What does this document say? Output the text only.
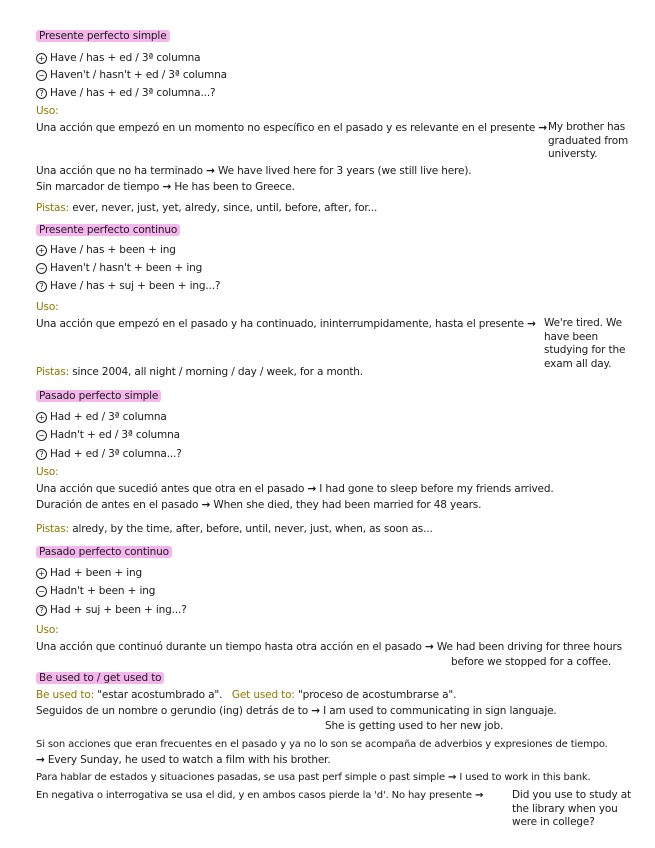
Presente perfecto simple
+ Have / has + ed / 3ª columna
− Haven't / hasn't + ed / 3ª columna
? Have / has + ed / 3ª columna...?
Uso:
Una acción que empezó en un momento no específico en el pasado y es relevante en el presente → My brother has graduated from universty.
Una acción que no ha terminado → We have lived here for 3 years (we still live here).
Sin marcador de tiempo → He has been to Greece.
Pistas: ever, never, just, yet, alredy, since, until, before, after, for...
Presente perfecto continuo
+ Have / has + been + ing
− Haven't / hasn't + been + ing
? Have / has + suj + been + ing...?
Uso:
Una acción que empezó en el pasado y ha continuado, ininterrumpidamente, hasta el presente → We're tired. We have been studying for the exam all day.
Pistas: since 2004, all night / morning / day / week, for a month.
Pasado perfecto simple
+ Had + ed / 3ª columna
− Hadn't + ed / 3ª columna
? Had + ed / 3ª columna...?
Uso:
Una acción que sucedió antes que otra en el pasado → I had gone to sleep before my friends arrived.
Duración de antes en el pasado → When she died, they had been married for 48 years.
Pistas: alredy, by the time, after, before, until, never, just, when, as soon as...
Pasado perfecto continuo
+ Had + been + ing
− Hadn't + been + ing
? Had + suj + been + ing...?
Uso:
Una acción que continuó durante un tiempo hasta otra acción en el pasado → We had been driving for three hours
before we stopped for a coffee.
Be used to / get used to
Be used to: "estar acostumbrado a". Get used to: "proceso de acostumbrarse a".
Seguidos de un nombre o gerundio (ing) detrás de to → I am used to communicating in sign languaje.
She is getting used to her new job.
Si son acciones que eran frecuentes en el pasado y ya no lo son se acompaña de adverbios y expresiones de tiempo.
→ Every Sunday, he used to watch a film with his brother.
Para hablar de estados y situaciones pasadas, se usa past perf simple o past simple → I used to work in this bank.
En negativa o interrogativa se usa el did, y en ambos casos pierde la 'd'. No hay presente →	Did you use to study at the library when you were in college?
